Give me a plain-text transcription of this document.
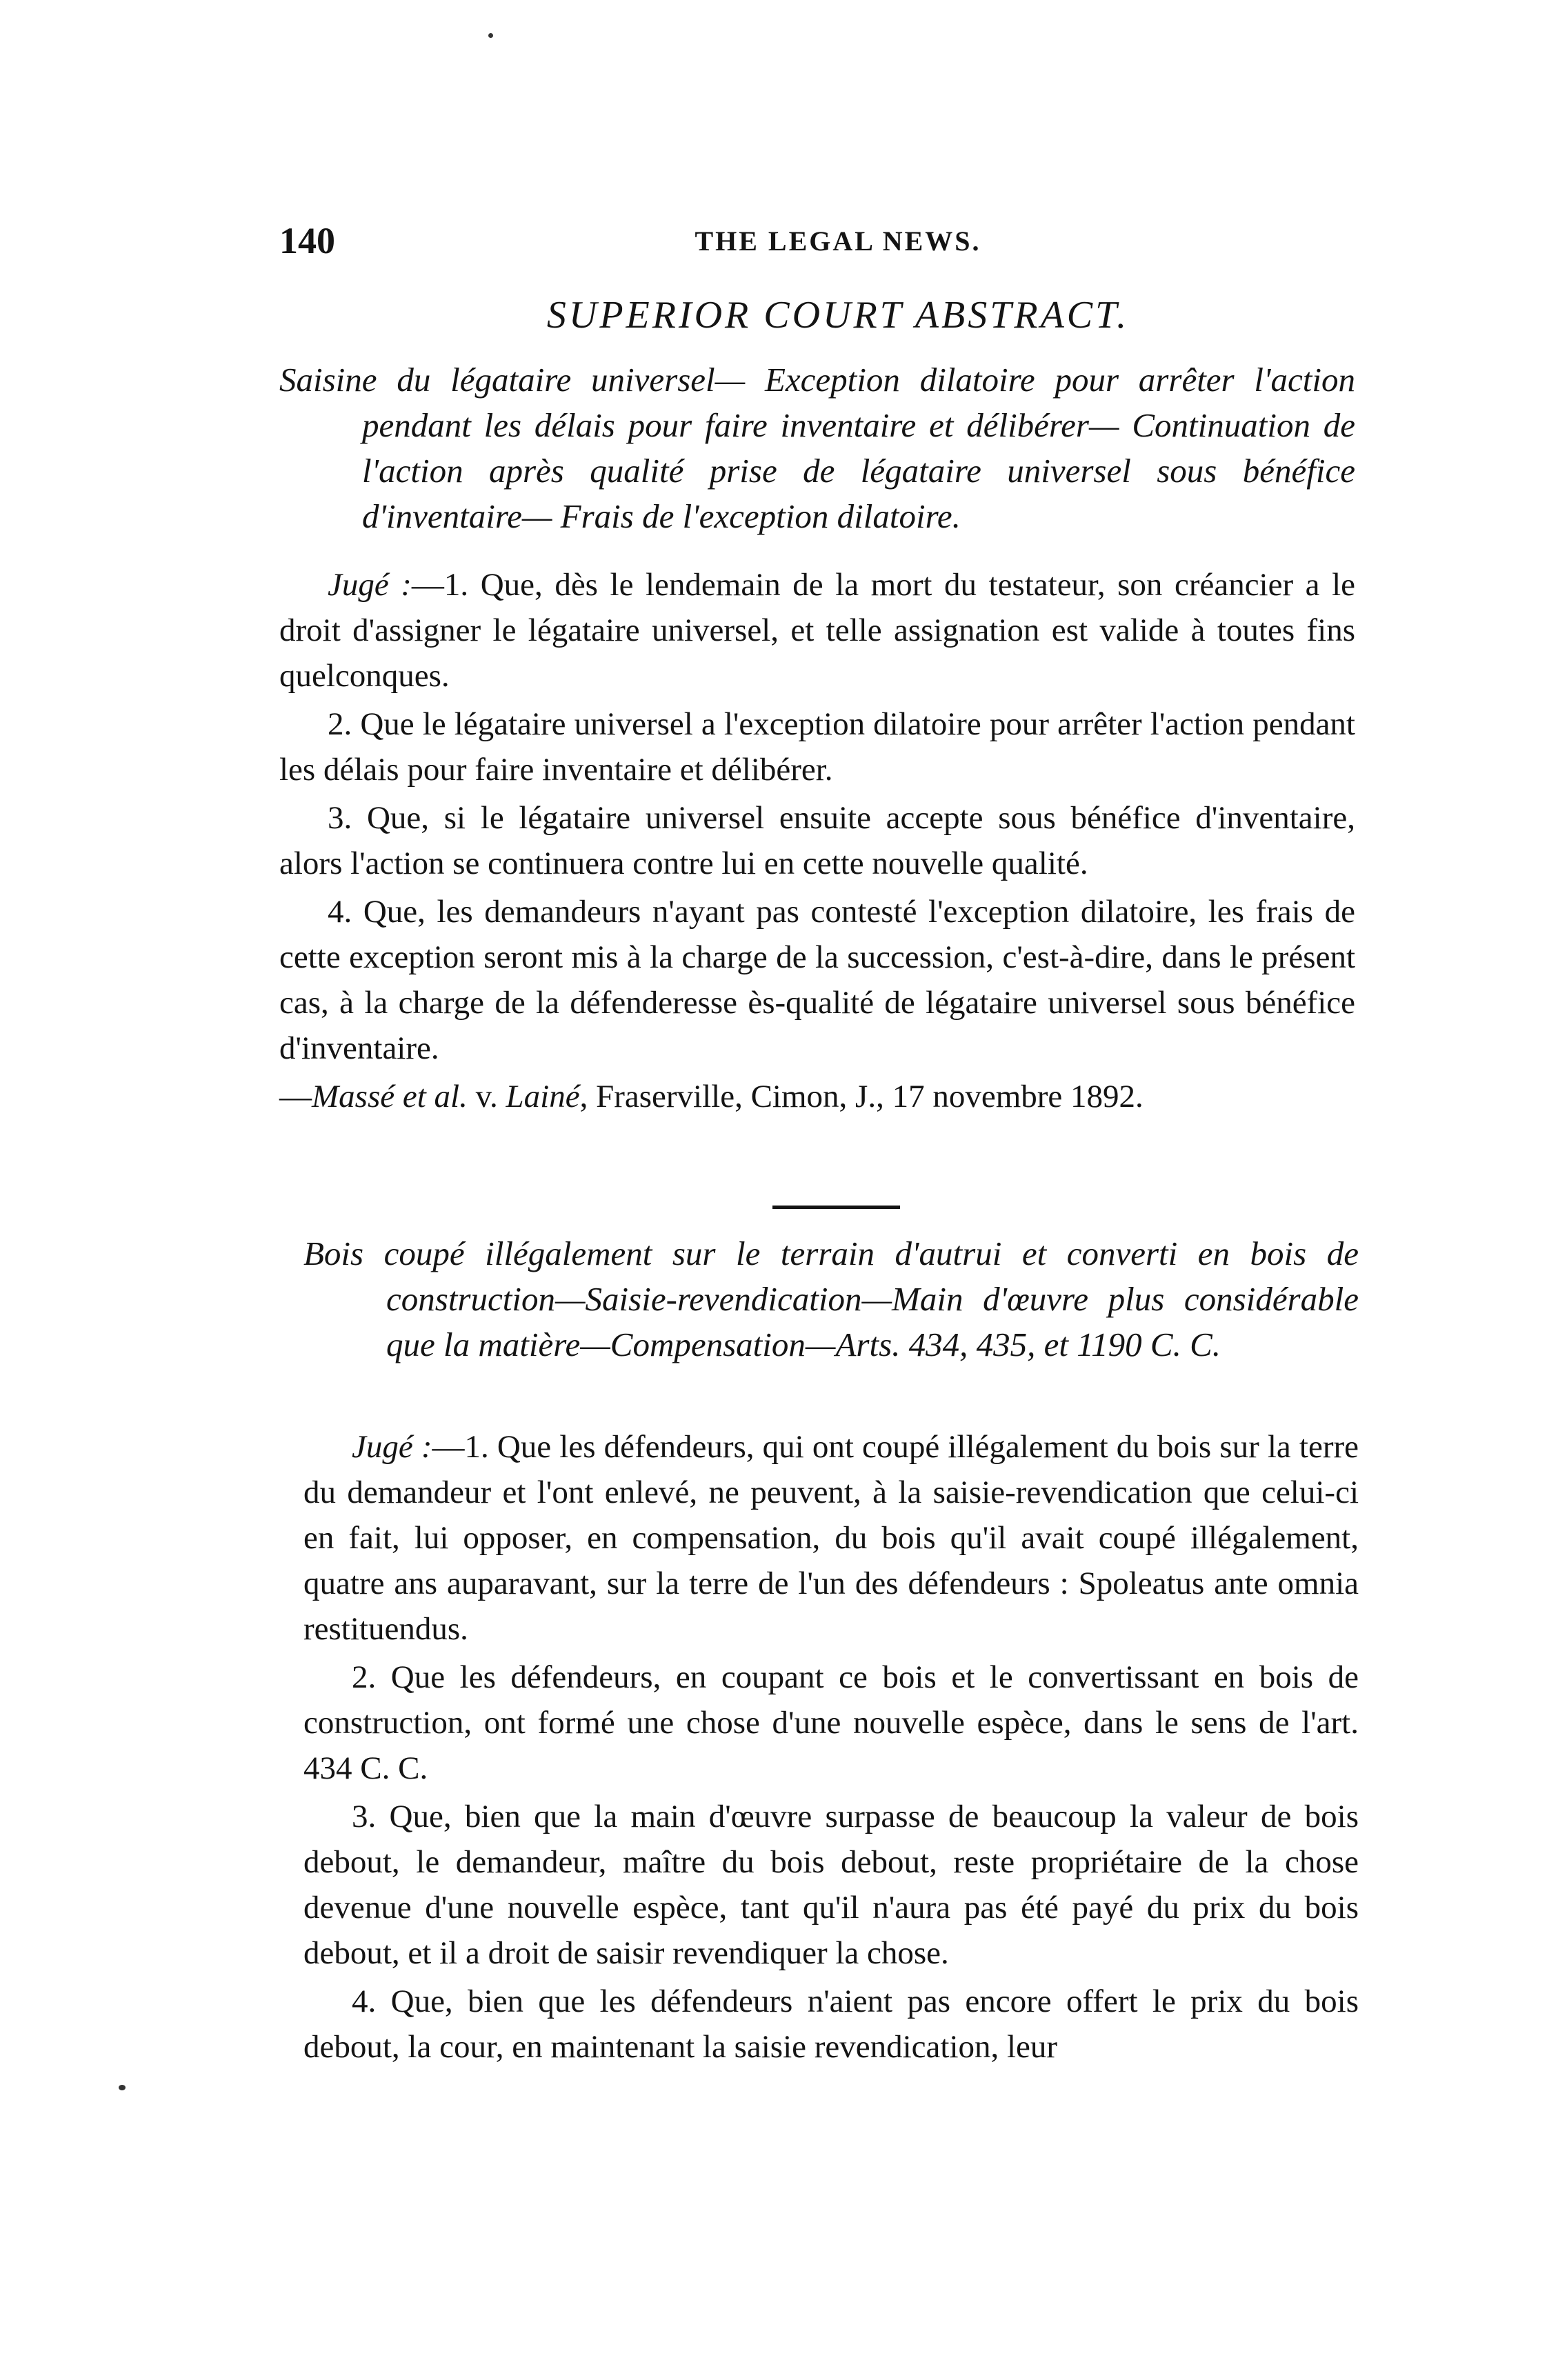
140	THE LEGAL NEWS.
SUPERIOR COURT ABSTRACT.

Saisine du légataire universel— Exception dilatoire pour arrêter l'action pendant les délais pour faire inventaire et délibérer— Continuation de l'action après qualité prise de légataire universel sous bénéfice d'inventaire— Frais de l'exception dilatoire.

Jugé :—1. Que, dès le lendemain de la mort du testateur, son créancier a le droit d'assigner le légataire universel, et telle assignation est valide à toutes fins quelconques.

2. Que le légataire universel a l'exception dilatoire pour arrêter l'action pendant les délais pour faire inventaire et délibérer.

3. Que, si le légataire universel ensuite accepte sous bénéfice d'inventaire, alors l'action se continuera contre lui en cette nouvelle qualité.

4. Que, les demandeurs n'ayant pas contesté l'exception dilatoire, les frais de cette exception seront mis à la charge de la succession, c'est-à-dire, dans le présent cas, à la charge de la défenderesse ès-qualité de légataire universel sous bénéfice d'inventaire.

—Massé et al. v. Lainé, Fraserville, Cimon, J., 17 novembre 1892.

Bois coupé illégalement sur le terrain d'autrui et converti en bois de construction—Saisie-revendication—Main d'œuvre plus considérable que la matière—Compensation—Arts. 434, 435, et 1190 C. C.

Jugé :—1. Que les défendeurs, qui ont coupé illégalement du bois sur la terre du demandeur et l'ont enlevé, ne peuvent, à la saisie-revendication que celui-ci en fait, lui opposer, en compensation, du bois qu'il avait coupé illégalement, quatre ans auparavant, sur la terre de l'un des défendeurs : Spoleatus ante omnia restituendus.

2. Que les défendeurs, en coupant ce bois et le convertissant en bois de construction, ont formé une chose d'une nouvelle espèce, dans le sens de l'art. 434 C. C.

3. Que, bien que la main d'œuvre surpasse de beaucoup la valeur de bois debout, le demandeur, maître du bois debout, reste propriétaire de la chose devenue d'une nouvelle espèce, tant qu'il n'aura pas été payé du prix du bois debout, et il a droit de saisir revendiquer la chose.

4. Que, bien que les défendeurs n'aient pas encore offert le prix du bois debout, la cour, en maintenant la saisie revendication, leur
